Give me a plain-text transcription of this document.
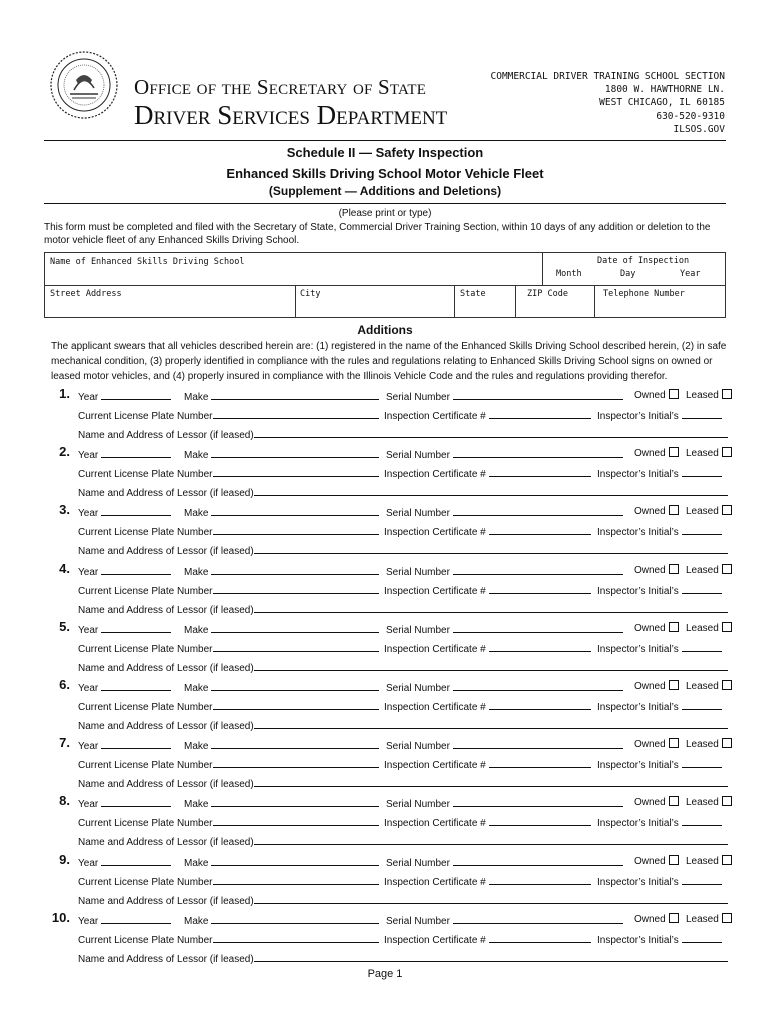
Office of the Secretary of State
Driver Services Department
COMMERCIAL DRIVER TRAINING SCHOOL SECTION
1800 W. HAWTHORNE LN.
WEST CHICAGO, IL 60185
630-520-9310
ILSOS.GOV
Schedule II — Safety Inspection
Enhanced Skills Driving School Motor Vehicle Fleet
(Supplement — Additions and Deletions)
(Please print or type)
This form must be completed and filed with the Secretary of State, Commercial Driver Training Section, within 10 days of any addition or deletion to the motor vehicle fleet of any Enhanced Skills Driving School.
Name of Enhanced Skills Driving School	Date of Inspection
Month	Day	Year
Street Address	City	State	ZIP Code	Telephone Number
Additions
The applicant swears that all vehicles described herein are: (1) registered in the name of the Enhanced Skills Driving School described herein, (2) in safe mechanical condition, (3) properly identified in compliance with the rules and regulations relating to Enhanced Skills Driving School signs on owned or leased motor vehicles, and (4) properly insured in compliance with the Illinois Vehicle Code and the rules and regulations providing therefor.
1. Year	Make	Serial Number	Owned	Leased
Current License Plate Number	Inspection Certificate #	Inspector’s Initial’s
Name and Address of Lessor (if leased)
2. Year	Make	Serial Number	Owned	Leased
Current License Plate Number	Inspection Certificate #	Inspector’s Initial’s
Name and Address of Lessor (if leased)
3. Year	Make	Serial Number	Owned	Leased
Current License Plate Number	Inspection Certificate #	Inspector’s Initial’s
Name and Address of Lessor (if leased)
4. Year	Make	Serial Number	Owned	Leased
Current License Plate Number	Inspection Certificate #	Inspector’s Initial’s
Name and Address of Lessor (if leased)
5. Year	Make	Serial Number	Owned	Leased
Current License Plate Number	Inspection Certificate #	Inspector’s Initial’s
Name and Address of Lessor (if leased)
6. Year	Make	Serial Number	Owned	Leased
Current License Plate Number	Inspection Certificate #	Inspector’s Initial’s
Name and Address of Lessor (if leased)
7. Year	Make	Serial Number	Owned	Leased
Current License Plate Number	Inspection Certificate #	Inspector’s Initial’s
Name and Address of Lessor (if leased)
8. Year	Make	Serial Number	Owned	Leased
Current License Plate Number	Inspection Certificate #	Inspector’s Initial’s
Name and Address of Lessor (if leased)
9. Year	Make	Serial Number	Owned	Leased
Current License Plate Number	Inspection Certificate #	Inspector’s Initial’s
Name and Address of Lessor (if leased)
10. Year	Make	Serial Number	Owned	Leased
Current License Plate Number	Inspection Certificate #	Inspector’s Initial’s
Name and Address of Lessor (if leased)
Page 1
